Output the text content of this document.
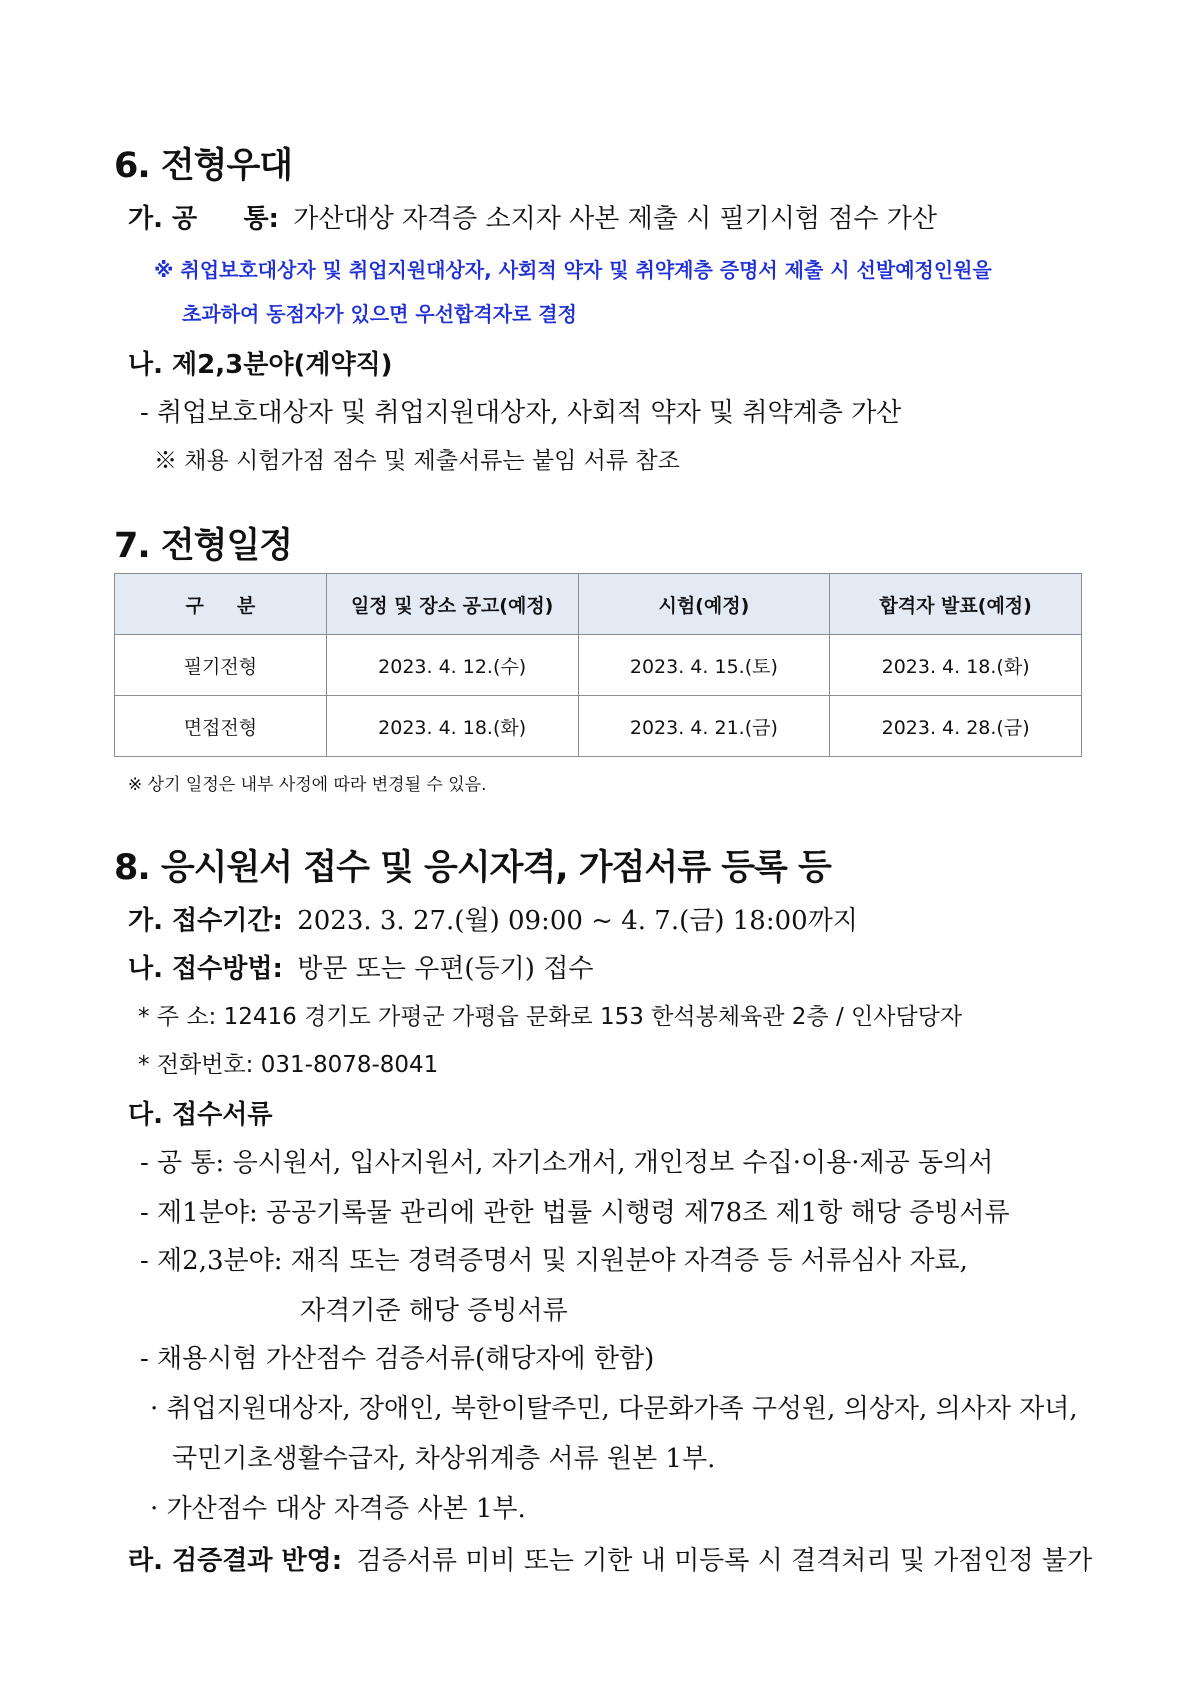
6. 전형우대
가. 공 통: 가산대상 자격증 소지자 사본 제출 시 필기시험 점수 가산
※ 취업보호대상자 및 취업지원대상자, 사회적 약자 및 취약계층 증명서 제출 시 선발예정인원을
초과하여 동점자가 있으면 우선합격자로 결정
나. 제2,3분야(계약직)
- 취업보호대상자 및 취업지원대상자, 사회적 약자 및 취약계층 가산
※ 채용 시험가점 점수 및 제출서류는 붙임 서류 참조
7. 전형일정
구     분	일정 및 장소 공고(예정)	시험(예정)	합격자 발표(예정)
필기전형	2023. 4. 12.(수)	2023. 4. 15.(토)	2023. 4. 18.(화)
면접전형	2023. 4. 18.(화)	2023. 4. 21.(금)	2023. 4. 28.(금)
※ 상기 일정은 내부 사정에 따라 변경될 수 있음.
8. 응시원서 접수 및 응시자격, 가점서류 등록 등
가. 접수기간: 2023. 3. 27.(월) 09:00 ~ 4. 7.(금) 18:00까지
나. 접수방법: 방문 또는 우편(등기) 접수
* 주 소: 12416 경기도 가평군 가평읍 문화로 153 한석봉체육관 2층 / 인사담당자
* 전화번호: 031-8078-8041
다. 접수서류
- 공 통: 응시원서, 입사지원서, 자기소개서, 개인정보 수집·이용·제공 동의서
- 제1분야: 공공기록물 관리에 관한 법률 시행령 제78조 제1항 해당 증빙서류
- 제2,3분야: 재직 또는 경력증명서 및 지원분야 자격증 등 서류심사 자료,
자격기준 해당 증빙서류
- 채용시험 가산점수 검증서류(해당자에 한함)
· 취업지원대상자, 장애인, 북한이탈주민, 다문화가족 구성원, 의상자, 의사자 자녀,
국민기초생활수급자, 차상위계층 서류 원본 1부.
· 가산점수 대상 자격증 사본 1부.
라. 검증결과 반영: 검증서류 미비 또는 기한 내 미등록 시 결격처리 및 가점인정 불가
